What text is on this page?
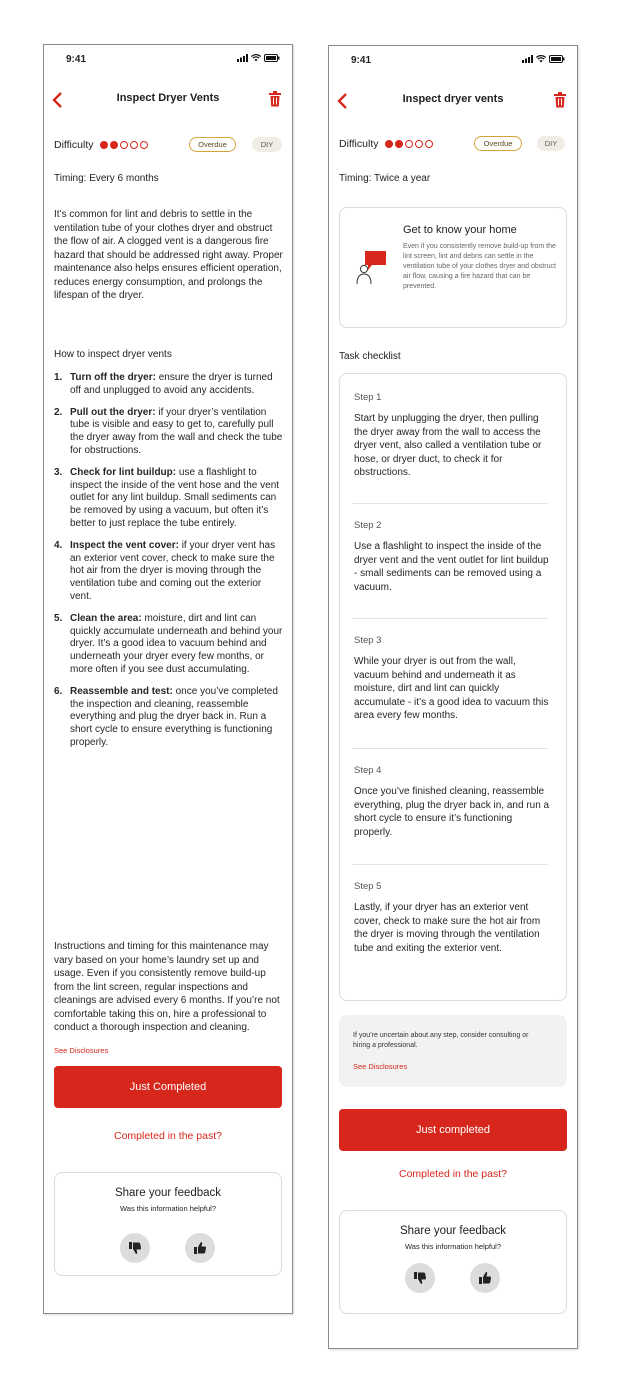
9:41
Inspect Dryer Vents
Difficulty	Overdue	DIY
Timing: Every 6 months
It’s common for lint and debris to settle in the ventilation tube of your clothes dryer and obstruct the flow of air. A clogged vent is a dangerous fire hazard that should be addressed right away. Proper maintenance also helps ensures efficient operation, reduces energy consumption, and prolongs the lifespan of the dryer.
How to inspect dryer vents
1. Turn off the dryer: ensure the dryer is turned off and unplugged to avoid any accidents.
2. Pull out the dryer: if your dryer’s ventilation tube is visible and easy to get to, carefully pull the dryer away from the wall and check the tube for obstructions.
3. Check for lint buildup: use a flashlight to inspect the inside of the vent hose and the vent outlet for any lint buildup. Small sediments can be removed by using a vacuum, but often it’s better to just replace the tube entirely.
4. Inspect the vent cover: if your dryer vent has an exterior vent cover, check to make sure the hot air from the dryer is moving through the ventilation tube and coming out the exterior vent.
5. Clean the area: moisture, dirt and lint can quickly accumulate underneath and behind your dryer. It’s a good idea to vacuum behind and underneath your dryer every few months, or more often if you see dust accumulating.
6. Reassemble and test: once you’ve completed the inspection and cleaning, reassemble everything and plug the dryer back in. Run a short cycle to ensure everything is functioning properly.
Instructions and timing for this maintenance may vary based on your home’s laundry set up and usage. Even if you consistently remove build-up from the lint screen, regular inspections and cleanings are advised every 6 months. If you’re not comfortable taking this on, hire a professional to conduct a thorough inspection and cleaning.
See Disclosures
Just Completed
Completed in the past?
Share your feedback
Was this information helpful?
9:41
Inspect dryer vents
Difficulty	Overdue	DIY
Timing: Twice a year
Get to know your home
Even if you consistently remove build-up from the lint screen, lint and debris can settle in the ventilation tube of your clothes dryer and obstruct air flow, causing a fire hazard that can be prevented.
Task checklist
Step 1
Start by unplugging the dryer, then pulling the dryer away from the wall to access the dryer vent, also called a ventilation tube or hose, or dryer duct, to check it for obstructions.
Step 2
Use a flashlight to inspect the inside of the dryer vent and the vent outlet for lint buildup - small sediments can be removed using a vacuum.
Step 3
While your dryer is out from the wall, vacuum behind and underneath it as moisture, dirt and lint can quickly accumulate - it’s a good idea to vacuum this area every few months.
Step 4
Once you’ve finished cleaning, reassemble everything, plug the dryer back in, and run a short cycle to ensure it’s functioning properly.
Step 5
Lastly, if your dryer has an exterior vent cover, check to make sure the hot air from the dryer is moving through the ventilation tube and exiting the exterior vent.
If you’re uncertain about any step, consider consulting or hiring a professional.
See Disclosures
Just completed
Completed in the past?
Share your feedback
Was this information helpful?
